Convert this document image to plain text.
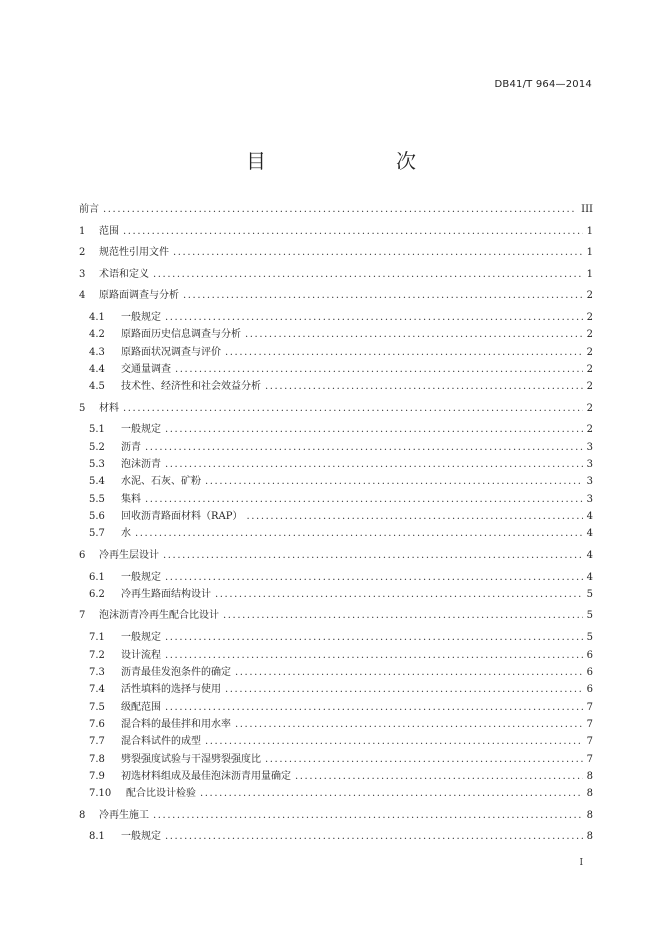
DB41/T 964—2014
目　　次
前言 .....	III
1	范围 .....	1
2	规范性引用文件 .....	1
3	术语和定义 .....	1
4	原路面调查与分析 .....	2
4.1	一般规定 .....	2
4.2	原路面历史信息调查与分析 .....	2
4.3	原路面状况调查与评价 .....	2
4.4	交通量调查 .....	2
4.5	技术性、经济性和社会效益分析 .....	2
5	材料 .....	2
5.1	一般规定 .....	2
5.2	沥青 .....	3
5.3	泡沫沥青 .....	3
5.4	水泥、石灰、矿粉 .....	3
5.5	集料 .....	3
5.6	回收沥青路面材料（RAP） .....	4
5.7	水 .....	4
6	冷再生层设计 .....	4
6.1	一般规定 .....	4
6.2	冷再生路面结构设计 .....	5
7	泡沫沥青冷再生配合比设计 .....	5
7.1	一般规定 .....	5
7.2	设计流程 .....	6
7.3	沥青最佳发泡条件的确定 .....	6
7.4	活性填料的选择与使用 .....	6
7.5	级配范围 .....	7
7.6	混合料的最佳拌和用水率 .....	7
7.7	混合料试件的成型 .....	7
7.8	劈裂强度试验与干湿劈裂强度比 .....	7
7.9	初选材料组成及最佳泡沫沥青用量确定 .....	8
7.10	配合比设计检验 .....	8
8	冷再生施工 .....	8
8.1	一般规定 .....	8
I
